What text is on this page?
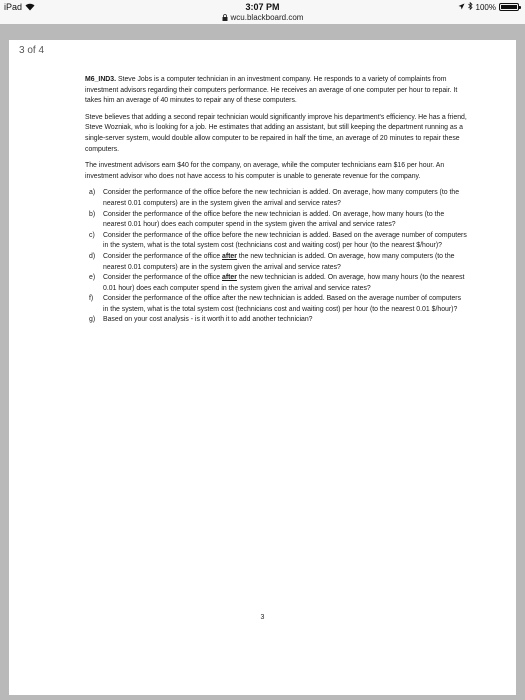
iPad	3:07 PM
wcu.blackboard.com
100%
3 of 4

M6_IND3. Steve Jobs is a computer technician in an investment company. He responds to a variety of complaints from investment advisors regarding their computers performance. He receives an average of one computer per hour to repair. It takes him an average of 40 minutes to repair any of these computers.

Steve believes that adding a second repair technician would significantly improve his department's efficiency. He has a friend, Steve Wozniak, who is looking for a job. He estimates that adding an assistant, but still keeping the department running as a single-server system, would double allow computer to be repaired in half the time, an average of 20 minutes to repair these computers.

The investment advisors earn $40 for the company, on average, while the computer technicians earn $16 per hour. An investment advisor who does not have access to his computer is unable to generate revenue for the company.

a)	Consider the performance of the office before the new technician is added. On average, how many computers (to the nearest 0.01 computers) are in the system given the arrival and service rates?
b)	Consider the performance of the office before the new technician is added. On average, how many hours (to the nearest 0.01 hour) does each computer spend in the system given the arrival and service rates?
c)	Consider the performance of the office before the new technician is added. Based on the average number of computers in the system, what is the total system cost (technicians cost and waiting cost) per hour (to the nearest $/hour)?
d)	Consider the performance of the office after the new technician is added. On average, how many computers (to the nearest 0.01 computers) are in the system given the arrival and service rates?
e)	Consider the performance of the office after the new technician is added. On average, how many hours (to the nearest 0.01 hour) does each computer spend in the system given the arrival and service rates?
f)	Consider the performance of the office after the new technician is added. Based on the average number of computers in the system, what is the total system cost (technicians cost and waiting cost) per hour (to the nearest 0.01 $/hour)?
g)	Based on your cost analysis - is it worth it to add another technician?
3
